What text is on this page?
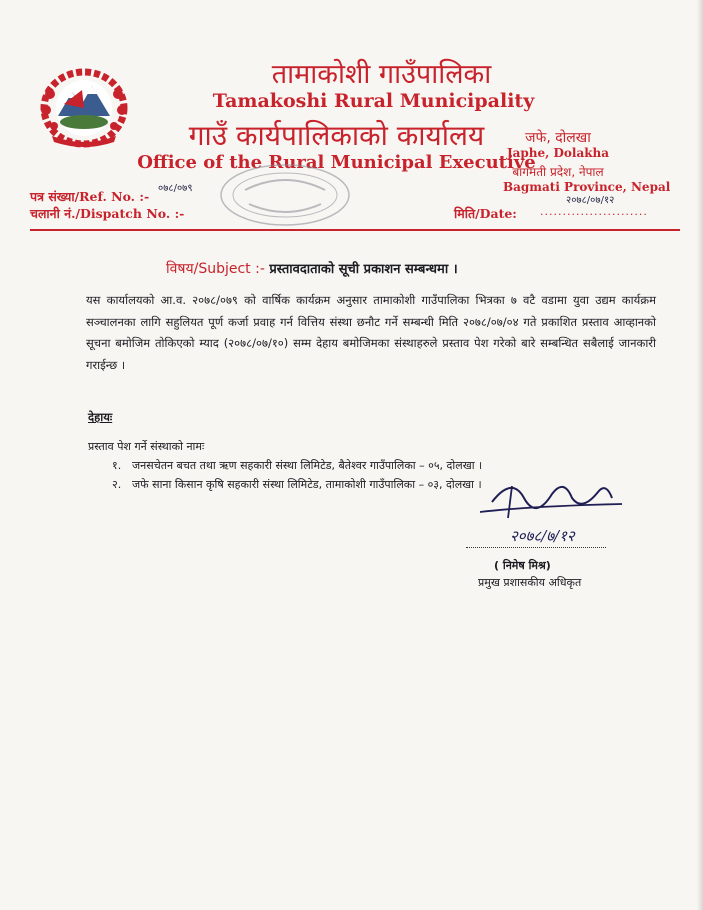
तामाकोशी गाउँपालिका
Tamakoshi Rural Municipality
गाउँ कार्यपालिकाको कार्यालय
Office of the Rural Municipal Executive
जफे, दोलखा
Japhe, Dolakha
बागमती प्रदेश, नेपाल
Bagmati Province, Nepal
पत्र संख्या/Ref. No. :-
०७८/०७९
चलानी नं./Dispatch No. :-	मिति/Date: ........................
२०७८/०७/१२
विषय/Subject :- प्रस्तावदाताको सूची प्रकाशन सम्बन्धमा ।
यस कार्यालयको आ.व. २०७८/०७९ को वार्षिक कार्यक्रम अनुसार तामाकोशी गाउँपालिका भित्रका ७ वटै वडामा युवा उद्यम कार्यक्रम सञ्चालनका लागि सहुलियत पूर्ण कर्जा प्रवाह गर्न वित्तिय संस्था छनौट गर्ने सम्बन्धी मिति २०७८/०७/०४ गते प्रकाशित प्रस्ताव आव्हानको सूचना बमोजिम तोकिएको म्याद (२०७८/०७/१०) सम्म देहाय बमोजिमका संस्थाहरुले प्रस्ताव पेश गरेको बारे सम्बन्धित सबैलाई जानकारी गराईन्छ ।
देहायः
प्रस्ताव पेश गर्ने संस्थाको नामः
१. जनसचेतन बचत तथा ऋण सहकारी संस्था लिमिटेड, बैतेश्वर गाउँपालिका – ०५, दोलखा ।
२. जफे साना किसान कृषि सहकारी संस्था लिमिटेड, तामाकोशी गाउँपालिका – ०३, दोलखा ।
२०७८/७/१२
( निमेष मिश्र)
प्रमुख प्रशासकीय अधिकृत
